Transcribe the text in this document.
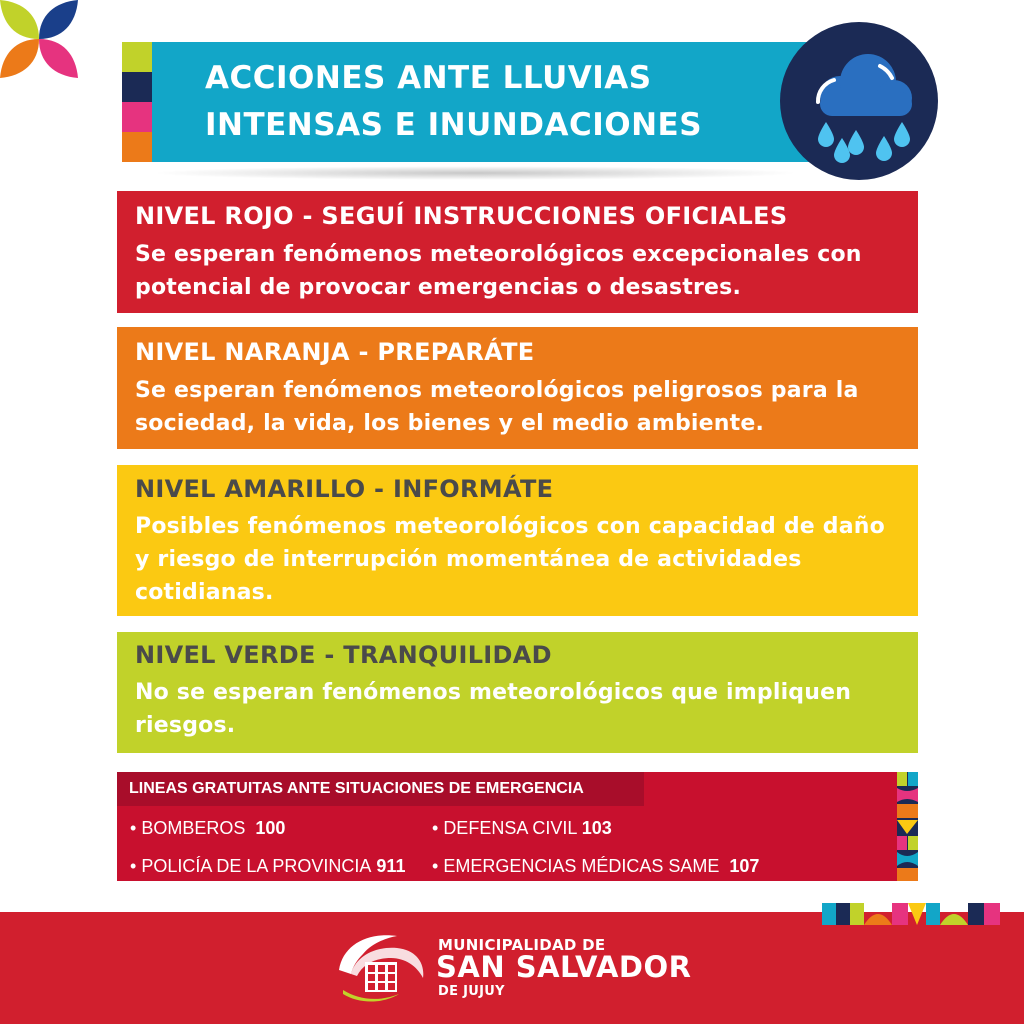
ACCIONES ANTE LLUVIAS
INTENSAS E INUNDACIONES
NIVEL ROJO - SEGUÍ INSTRUCCIONES OFICIALES
Se esperan fenómenos meteorológicos excepcionales con potencial de provocar emergencias o desastres.
NIVEL NARANJA - PREPARÁTE
Se esperan fenómenos meteorológicos peligrosos para la sociedad, la vida, los bienes y el medio ambiente.
NIVEL AMARILLO - INFORMÁTE
Posibles fenómenos meteorológicos con capacidad de daño y riesgo de interrupción momentánea de actividades cotidianas.
NIVEL VERDE - TRANQUILIDAD
No se esperan fenómenos meteorológicos que impliquen riesgos.
LINEAS GRATUITAS ANTE SITUACIONES DE EMERGENCIA
• BOMBEROS 100	• DEFENSA CIVIL 103
• POLICÍA DE LA PROVINCIA 911 • EMERGENCIAS MÉDICAS SAME 107
MUNICIPALIDAD DE
SAN SALVADOR
DE JUJUY
